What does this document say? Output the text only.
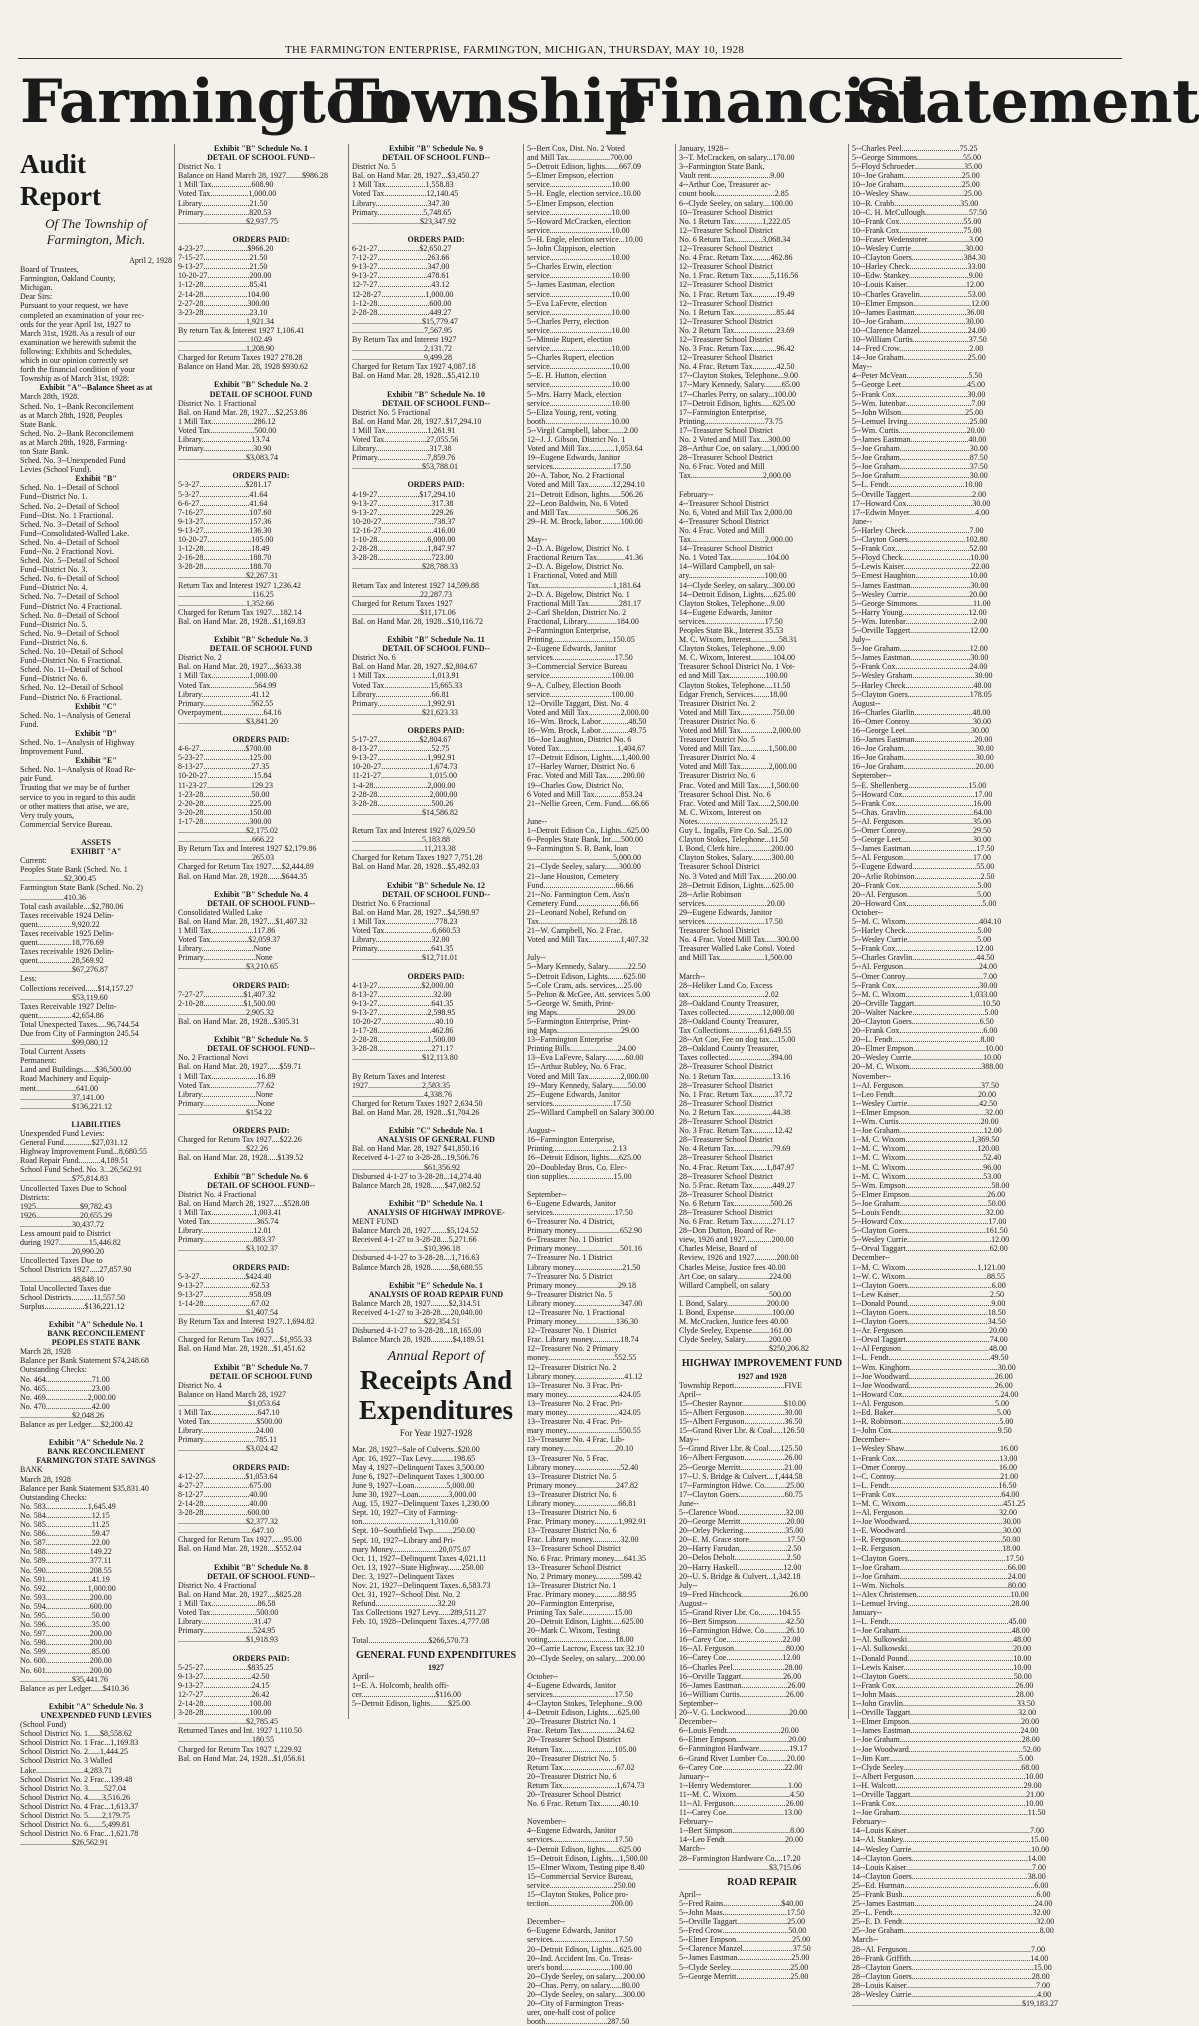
THE FARMINGTON ENTERPRISE, FARMINGTON, MICHIGAN, THURSDAY, MAY 10, 1928
Farmington
Township
Financial
Statement
Audit Report
Of The Township of Farmington, Mich.
April 2, 1928
Board of Trustees,
Farmington, Oakland County,
Michigan.
Dear Sirs:
Pursuant to your request, we have
completed an examination of your rec-
ords for the year April 1st, 1927 to
March 31st, 1928. As a result of our
examination we herewith submit the
following: Exhibits and Schedules,
which in our opinion correctly set
forth the financial condition of your
Township as of March 31st, 1928:
Exhibit "A"--Balance Sheet as at
March 28th, 1928.
Sched. No. 1--Bank Reconcilement
as at March 28th, 1928, Peoples
State Bank.
Sched. No. 2--Bank Reconcilement
as at March 28th, 1928, Farming-
ton State Bank.
Sched. No. 3--Unexpended Fund
Levies (School Fund).
Exhibit "B"
Sched. No. 1--Detail of School
Fund--District No. 1.
Sched. No. 2--Detail of School
Fund--Dist. No. 1 Fractional.
Sched. No. 3--Detail of School
Fund--Consolidated-Walled Lake.
Sched. No. 4--Detail of School
Fund--No. 2 Fractional Novi.
Sched. No. 5--Detail of School
Fund--District No. 3.
Sched. No. 6--Detail of School
Fund--District No. 4.
Sched. No. 7--Detail of School
Fund--District No. 4 Fractional.
Sched. No. 8--Detail of School
Fund--District No. 5.
Sched. No. 9--Detail of School
Fund--District No. 6.
Sched. No. 10--Detail of School
Fund--District No. 6 Fractional.
Sched. No. 11--Detail of School
Fund--District No. 6.
Sched. No. 12--Detail of School
Fund--District No. 6 Fractional.
Exhibit "C"
Sched. No. 1--Analysis of General
Fund.
Exhibit "D"
Sched. No. 1--Analysis of Highway
Improvement Fund.
Exhibit "E"
Sched. No. 1--Analysis of Road Re-
pair Fund.
Trusting that we may be of further
service to you in regard to this audit
or other matters that arise, we are,
Very truly yours,
Commercial Service Bureau.

ASSETS
EXHIBIT "A"
Current:
Peoples State Bank (Sched. No. 1
......................$2,300.45
Farmington State Bank (Sched. No. 2)
......................410.36
Total cash available....$2,780.06
Taxes receivable 1924 Delin-
quent.................9,920.22
Taxes receivable 1925 Delin-
quent.................18,776.69
Taxes receivable 1926 Delin-
quent.................28,569.92
..........................$67,276.87
Less:
Collections received......$14,157.27
..........................$53,119.60
Taxes Receivable 1927 Delin-
quent.................42,654.86
Total Unexpected Taxes.....96,744.54
Due from City of Farmington 245.54
..........................$99,080.12
Total Current Assets
Permanent:
Land and Buildings......$36,500.00
Road Machinery and Equip-
ment....................641.00
..........................37,141.00
..........................$136,221.12

LIABILITIES
Unexpended Fund Levies:
General Fund..............$27,031.12
Highway Improvement Fund...8,680.55
Road Repair Fund...........4,189.51
School Fund Sched. No. 3...26,562.91
..........................$75,814.83
Uncollected Taxes Due to School
Districts:
1925......................$9,782.43
1926......................20,655.29
..........................30,437.72
Less amount paid to District
during 1927...............15,446.82
..........................20,990.20
Uncollected Taxes Due to
School Districts 1927.....27,857.90
..........................48,848.10
Total Uncollected Taxes due
School Districts...........11,557.50
Surplus....................$136,221.12

Exhibit "A" Schedule No. 1
BANK RECONCILEMENT
PEOPLES STATE BANK
March 28, 1928
Balance per Bank Statement $74,248.68
Outstanding Checks:
No. 464.......................71.00
No. 465.......................23.00
No. 469.....................2,000.00
No. 470.......................42.00
..........................$2,048.26
Balance as per Ledger.....$2,200.42

Exhibit "A" Schedule No. 2
BANK RECONCILEMENT
FARMINGTON STATE SAVINGS
BANK
March 28, 1928
Balance per Bank Statement $35,831.40
Outstanding Checks:
No. 583.....................1,645.49
No. 584.......................12.15
No. 585.......................11.25
No. 586.......................59.47
No. 587.......................22.00
No. 588......................149.22
No. 589......................377.11
No. 590......................208.55
No. 591.......................41.19
No. 592.....................1,000.00
No. 593......................200.00
No. 594......................600.00
No. 595.......................50.00
No. 596.......................35.00
No. 597......................200.00
No. 598......................200.00
No. 599.......................85.00
No. 600......................200.00
No. 601......................200.00
..........................$35,441.76
Balance as per Ledger......$410.36

Exhibit "A" Schedule No. 3
UNEXPENDED FUND LEVIES
(School Fund)
School District No. 1......$8,558.62
School District No. 1 Frac...1,169.83
School District No. 2......1,444.25
School District No. 3 Walled
Lake........................4,283.71
School District No. 2 Frac...139.48
School District No. 3........527.04
School District No. 4.......3,516.26
School District No. 4 Frac...1,613.37
School District No. 5.......2,179.75
School District No. 6.......5,499.81
School District No. 6 Frac...1,621.78
..........................$26,562.91
Exhibit "B" Schedule No. 1
DETAIL OF SCHOOL FUND--
District No. 1
Balance on Hand March 28, 1927........$986.28
1 Mill Tax....................608.90
Voted Tax...................1,000.00
Library........................21.50
Primary.......................820.53
..................................$2,937.75

ORDERS PAID:
4-23-27......................$966.20
7-15-27.......................21.50
9-13-27.......................21.50
10-20-27.....................200.00
1-12-28.......................85.41
2-14-28......................104.00
2-27-28......................300.00
3-23-28.......................23.10
..................................1,921.34
By return Tax & Interest 1927 1,106.41
....................................102.49
..................................1,208.90
Charged for Return Taxes 1927 278.28
Balance on Hand Mar. 28, 1928 $930.62

Exhibit "B" Schedule No. 2
DETAIL OF SCHOOL FUND
District No. 1 Fractional
Bal. on Hand Mar. 28, 1927....$2,253.86
1 Mill Tax.....................286.12
Voted Tax......................500.00
Library.........................13.74
Primary.........................30.90
..................................$3,083.74

ORDERS PAID:
5-3-27.......................$281.17
5-3-27.........................41.64
6-6-27.........................41.64
7-16-27.......................107.60
9-13-27.......................157.36
9-13-27.......................136.30
10-20-27......................105.00
1-12-28........................18.49
2-16-28.......................188.70
3-28-28.......................188.70
..................................$2,267.31
Return Tax and Interest 1927 1,236.42
.....................................116.25
..................................1,352.66
Charged for Return Tax 1927....182.14
Bal. on Hand Mar. 28, 1928...$1,169.83

Exhibit "B" Schedule No. 3
DETAIL OF SCHOOL FUND
District No. 2
Bal. on Hand Mar. 28, 1927....$633.38
1 Mill Tax...................1,000.00
Voted Tax......................564.99
Library.........................41.12
Primary........................562.55
Overpayment.....................64.16
..................................$3,841.20

ORDERS PAID:
4-6-27.......................$700.00
5-23-27.......................125.00
8-13-27........................27.35
10-20-27.......................15.84
11-23-27......................129.23
1-23-28........................50.00
2-20-28.......................225.00
3-20-28.......................150.00
1-17-28.......................300.00
..................................$2,175.02
.....................................666.22
By Return Tax and Interest 1927 $2,179.86
.....................................265.03
Charged for Return Tax 1927.....$2,444.89
Bal. on Hand Mar. 28, 1928.......$644.35

Exhibit "B" Schedule No. 4
DETAIL OF SCHOOL FUND--
Consolidated Walled Lake
Bal. on Hand Mar. 28, 1927....$1,407.32
1 Mill Tax.....................117.86
Voted Tax...................$2,059.37
Library..........................None
Primary..........................None
..................................$3,210.65

ORDERS PAID:
7-27-27....................$1,407.32
2-10-28....................$1,500.00
..................................2,905.32
Bal. on Hand Mar. 28, 1928...$305.31

Exhibit "B" Schedule No. 5
DETAIL OF SCHOOL FUND--
No. 2 Fractional Novi
Bal. on Hand Mar. 28, 1927......$59.71
1 Mill Tax.......................16.89
Voted Tax.......................77.62
Library...........................None
Primary...........................None
..................................$154.22

ORDERS PAID:
Charged for Return Tax 1927....$22.26
..................................$22.26
Bal. on Hand Mar. 28, 1928.....$139.52

Exhibit "B" Schedule No. 6
DETAIL OF SCHOOL FUND--
District No. 4 Fractional
Bal. on Hand March 28, 1927.....$528.08
1 Mill Tax.....................1,003.41
Voted Tax.......................365.74
Library..........................12.01
Primary.........................883.37
..................................$3,102.37

ORDERS PAID:
5-3-27.......................$424.40
9-13-27........................62.53
9-13-27.......................958.09
1-14-28........................67.02
..................................$1,407.54
By Return Tax and Interest 1927..1,694.82
.....................................260.51
Charged for Return Tax 1927....$1,955.33
Bal. on Hand Mar. 28, 1928...$1,451.62

Exhibit "B" Schedule No. 7
DETAIL OF SCHOOL FUND
District No. 4
Balance on Hand March 28, 1927
...................................$1,053.64
1 Mill Tax.......................647.10
Voted Tax.......................$500.00
Library...........................24.00
Primary..........................785.11
..................................$3,024.42

ORDERS PAID:
4-12-27.....................$1,053.64
4-27-27.......................675.00
8-12-27.......................40.00
2-14-28.......................40.00
3-28-28......................600.00
..................................$2,377.32
.....................................647.10
Charged for Return Tax 1927......95.00
Bal. on Hand Mar. 28, 1928....$552.04

Exhibit "B" Schedule No. 8
DETAIL OF SCHOOL FUND--
District No. 4 Fractional
Bal. on Hand Mar. 28, 1927....$825.28
1 Mill Tax.......................86.58
Voted Tax.......................500.00
Library..........................31.47
Primary.........................524.95
..................................$1,918.93

ORDERS PAID:
5-25-27......................$835.25
9-13-27........................42.50
9-13-27........................24.15
12-7-27........................26.42
2-14-28.......................100.00
3-28-28.......................100.00
..................................$2,785.45
Returned Taxes and Int. 1927 1,110.50
.....................................180.55
Charged for Return Tax 1927 1,229.92
Bal. on Hand Mar. 24, 1928...$1,056.61
Exhibit "B" Schedule No. 9
DETAIL OF SCHOOL FUND--
District No. 5
Bal. on Hand Mar. 28, 1927...$3,450.27
1 Mill Tax....................1,558.83
Voted Tax.....................12,140.45
Library..........................347.30
Primary.......................5,748.65
..................................$23,347.92

ORDERS PAID:
6-21-27.....................$2,650.27
7-12-27.........................263.66
9-13-27.........................347.00
9-13-27.........................478.61
12-7-27...........................43.12
12-28-27......................1,000.00
1-12-28..........................600.00
2-28-28..........................449.27
...................................$15,779.47
....................................7,567.95
By Return Tax and Interest 1927
....................................2,131.72
....................................9,499.28
Charged for Return Tax 1927 4,087.18
Bal. on Hand Mar. 28, 1928...$5,412.10

Exhibit "B" Schedule No. 10
DETAIL OF SCHOOL FUND--
District No. 5 Fractional
Bal. on Hand Mar. 28, 1927..$17,294.10
1 Mill Tax.....................1,261.91
Voted Tax.....................27,055.56
Library...........................317.38
Primary.........................7,859.76
...................................$53,788.01

ORDERS PAID:
4-19-27.....................$17,294.10
9-13-27...........................317.38
9-13-27...........................229.26
10-20-27..........................738.37
12-16-27..........................416.00
1-10-28.........................6,000.00
2-28-28.........................1,847.97
3-28-28...........................723.00
...................................$28,788.33

Return Tax and Interest 1927 14,599.88
..................................22,287.73
Charged for Return Taxes 1927
..................................$11,171.06
Bal. on Hand Mar. 28, 1928...$10,116.72

Exhibit "B" Schedule No. 11
DETAIL OF SCHOOL FUND--
District No. 6
Bal. on Hand Mar. 28, 1927..$2,804.67
1 Mill Tax.......................1,013.91
Voted Tax.......................15,665.33
Library............................66.81
Primary.........................1,992.91
...................................$21,623.33

ORDERS PAID:
5-17-27.....................$2,804.67
8-13-27...........................52.75
9-13-27.........................1,992.91
10-20-27........................1,674.73
11-21-27........................1,015.00
1-4-28...........................2,000.00
2-28-28..........................2,000.00
3-28-28...........................500.26
...................................$14,586.82

Return Tax and Interest 1927 6,029.50
...................................5,183.88
....................................11,213.38
Charged for Return Taxes 1927 7,751.28
Bal. on Hand Mar. 28, 1928...$5,492.03

Exhibit "B" Schedule No. 12
DETAIL OF SCHOOL FUND--
District No. 6 Fractional
Bal. on Hand Mar. 28, 1927...$4,598.97
1 Mill Tax.........................778.23
Voted Tax........................6,660.53
Library............................32.00
Primary...........................641.35
...................................$12,711.01

ORDERS PAID:
4-13-27......................$2,000.00
8-13-27............................32.00
9-13-27...........................641.35
9-13-27.........................2,598.95
10-20-27...........................40.10
1-17-28...........................462.86
2-28-28.........................1,500.00
3-28-28...........................271.17
...................................$12,113.80

By Return Taxes and Interest
1927...........................2,583.35
....................................4,338.76
Charged for Return Taxes 1927 2,634.50
Bal. on Hand Mar. 28, 1928...$1,704.26

Exhibit "C" Schedule No. 1
ANALYSIS OF GENERAL FUND
Bal. on Hand Mar. 28, 1927 $41,850.16
Received 4-1-27 to 3-28-28...19,506.76
....................................$61,356.92
Disbursed 4-1-27 to 3-28-28...14,274.40
Balance March 28, 1928.......$47,082.52

Exhibit "D" Schedule No. 1
ANALYSIS OF HIGHWAY IMPROVE-
MENT FUND
Balance March 28, 1927........$5,124.52
Received 4-1-27 to 3-28-28....5,271.66
....................................$10,396.18
Disbursed 4-1-27 to 3-28-28....1,716.63
Balance March 28, 1928..........$8,680.55

Exhibit "E" Schedule No. 1
ANALYSIS OF ROAD REPAIR FUND
Balance March 28, 1927.........$2,314.51
Received 4-1-27 to 3-28-28.....20,040.00
....................................$22,354.51
Disbursed 4-1-27 to 3-28-28...18,165.00
Balance March 28, 1928...........$4,189.51
Annual Report of
Receipts And Expenditures
For Year 1927-1928
Mar. 28, 1927--Sale of Culverts..$20.00
Apr. 16, 1927--Tax Levy...........198.65
May 4, 1927--Delinquent Taxes 3,500.00
June 6, 1927--Delinquent Taxes 1,300.00
June 9, 1927--Loan................5,000.00
June 30, 1927--Loan...............3,000.00
Aug. 15, 1927--Delinquent Taxes 1,230.00
Sept. 10, 1927--City of Farming-
ton..................................1,310.00
Sept. 10--Southfield Twp..........250.00
Sept. 10, 1927--Library and Pri-
mary Money.......................20,075.07
Oct. 11, 1927--Delinquent Taxes 4,021.11
Oct. 13, 1927--State Highway.......250.00
Dec. 3, 1927--Delinquent Taxes
Nov. 21, 1927--Delinquent Taxes..6,583.73
Oct. 31, 1927--School Dist. No. 2
Refund...............................32.20
Tax Collections 1927 Levy......289,511.27
Feb. 10, 1928--Delinquent Taxes..4,777.08

Total..............................$266,570.73
GENERAL FUND EXPENDITURES
1927
April--
1--E. A. Holcomb, health offi-
cer.....................................$116.00
5--Detroit Edison, lights.........$25.00
5--Bert Cox, Dist. No. 2 Voted
and Mill Tax.....................700.00
5--Detroit Edison, lights.......667.09
5--Elmer Empson, election
service...............................10.00
5--H. Engle, election service..10.00
5--Elmer Empson, election
service...............................10.00
5--Howard McCracken, election
service...............................10.00
5--H. Engle, election service...10.00
5--John Clappison, election
service...............................10.00
5--Charles Erwin, election
service...............................10.00
5--James Eastman, election
service...............................10.00
5--Eva LaFevre, election
service...............................10.00
5--Charles Perry, election
service...............................10.00
5--Minnie Rupert, election
service...............................10.00
5--Charles Rupert, election
service...............................10.00
5--E. H. Hutton, election
service...............................10.00
5--Mrs. Harry Mack, election
service...............................10.00
5--Eliza Young, rent, voting
booth.................................10.00
5--Virgil Campbell, labor........2.00
12--J. J. Gibson, District No. 1
Voted and Mill Tax.............1,053.64
19--Eugene Edwards, Janitor
services..............................17.50
20--A. Tabor, No. 2 Fractional
Voted and Mill Tax............12,294.10
21--Detroit Edison, lights......506.26
22--Leon Baldwin, No. 6 Voted
and Mill Tax........................506.26
29--H. M. Brock, labor..........100.00

May--
2--D. A. Bigelow, District No. 1
Fractional Return Tax..............41.36
2--D. A. Bigelow, District No.
1 Fractional, Voted and Mill
Tax.....................................1,181.64
2--D. A. Bigelow, District No. 1
Fractional Mill Tax...............281.17
2--Carl Sheldon, District No. 2
Fractional, Library...............184.00
2--Farmington Enterprise,
Printing..............................150.05
2--Eugene Edwards, Janitor
services...............................17.50
3--Commercial Service Bureau
service...............................100.00
9--A. Culbey, Election Booth
service...............................100.00
12--Orville Taggart, Dist. No. 4
Voted and Mill Tax................2,000.00
16--Wm. Brock, Labor..............48.50
16--Wm. Brock, Labor..............49.75
16--Joe Laughton, District No. 6
Voted Tax.............................1,404.67
17--Detroit Edison, Lights.....1,400.00
17--Harley Warner, District No. 6
Frac. Voted and Mill Tax........200.00
19--Charles Gow, District No.
6 Voted and Mill Tax.............853.24
21--Nellie Green, Cem. Fund.....66.66

June--
1--Detroit Edison Co., Lights...625.00
6--Peoples State Bank, Int.....500.00
9--Farmington S. B. Bank, loan
...........................................5,000.00
21--Clyde Seeley, salary.......300.00
21--Jane Houston, Cemetery
Fund....................................66.66
21--No. Farmington Cem. Ass'n
Cemetery Fund......................66.66
21--Leonard Nobel, Refund on
Tax........................................28.18
21--W. Campbell, No. 2 Frac.
Voted and Mill Tax................1,407.32

July--
5--Mary Kennedy, Salary..........22.50
5--Detroit Edison, Lights........625.00
5--Cole Cram, ads. services....25.00
5--Pelton & McGee, Att. services 5.00
5--George W. Smith, Print-
ing Maps..............................29.00
5--Farmington Enterprise, Print-
ing Maps................................29.00
13--Farmington Enterprise
Printing Bills........................24.00
13--Eva LaFevre, Salary..........60.00
15--Arthur Rubley, No. 6 Frac.
Voted and Mill Tax................2,000.00
19--Mary Kennedy, Salary........50.00
25--Eugene Edwards, Janitor
services..............................17.50
25--Willard Campbell on Salary 300.00

August--
16--Farmington Enterprise,
Printing..............................2.13
16--Detroit Edison, lights.....625.00
20--Doubleday Bros. Co. Elec-
tion supplies.......................15.00

September--
6--Eugene Edwards, Janitor
services...............................17.50
6--Treasurer No. 4 District,
Primary money......................652.90
6--Treasurer No. 1 District
Primary money......................501.16
7--Treasurer No. 1 District
Library money........................21.50
7--Treasurer No. 5 District
Primary money.....................29.18
9--Treasurer District No. 5
Library money.......................347.00
12--Treasurer No. 1 Fractional
Primary money....................136.30
12--Treasurer No. 1 District
Frac. Library money..............18.74
12--Treasurer No. 2 Primary
money.................................552.55
12--Treasurer District No. 2
Library money.........................41.12
13--Treasurer No. 3 Frac. Pri-
mary money..........................424.05
13--Treasurer No. 2 Frac. Pri-
mary money..........................424.05
13--Treasurer No. 4 Frac. Pri-
mary money..........................550.55
13--Treasurer No. 4 Frac. Lib-
rary money..........................20.10
13--Treasurer No. 5 Frac.
Library money.......................52.40
13--Treasurer District No. 5
Primary money....................247.82
13--Treasurer District No. 6
Library money......................66.81
13--Treasurer District No. 6
Frac. Primary money............1,992.91
13--Treasurer District No. 6
Frac. Library money..............32.00
13--Treasurer School District
No. 6 Frac. Primary money.....641.35
13--Treasurer School District
No. 2 Primary money............599.42
13--Treasurer District No. 1
Frac. Primary money............88.95
20--Farmington Enterprise,
Printing Tax Sale................15.00
20--Detroit Edison, Lights.....625.00
20--Mark C. Wixom, Testing
voting..................................18.00
20--Carrie Lacrow, Excess tax 32.10
20--Clyde Seeley, on salary....200.00

October--
4--Eugene Edwards, Janitor
services...............................17.50
4--Clayton Stokes, Telephone...9.00
4--Detroit Edison, Lights.....625.00
20--Treasurer District No. 1
Frac. Return Tax..................24.62
20--Treasurer School District
Return Tax..........................105.00
20--Treasurer District No. 5
Return Tax...........................67.02
20--Treasurer District No. 6
Return Tax...........................1,674.73
20--Treasurer School District
No. 6 Frac. Return Tax..........40.10

November--
4--Eugene Edwards, Janitor
services...............................17.50
4--Detroit Edison, lights.......625.00
15--Detroit Edison, Lights....1,500.00
15--Elmer Wixom, Testing pipe 8.40
15--Commercial Service Bureau,
service................................250.00
15--Clayton Stokes, Police pro-
tection...............................200.00

December--
6--Eugene Edwards, Janitor
services...............................17.50
20--Detroit Edison, Lights....625.00
20--Ind. Accident Ins. Co. Treas-
urer's bond........................100.00
20--Clyde Seeley, on salary....200.00
20--Chas. Perry, on salary......80.00
20--Clyde Seeley, on salary....300.00
20--City of Farmington Treas-
urer, one-half cost of police
booth...............................287.50
January, 1928--
3--T. McCracken, on salary...170.00
3--Farmington State Bank,
Vault rent..............................9.00
4--Arthur Coe, Treasurer ac-
count book..............................2.85
6--Clyde Seeley, on salary....100.00
10--Treasurer School District
No. 1 Return Tax..............1,222.05
12--Treasurer School District
No. 6 Return Tax..............3,068.34
12--Treasurer School District
No. 4 Frac. Return Tax.........462.86
12--Treasurer School District
No. 1 Frac. Return Tax.........5,116.56
12--Treasurer School District
No. 1 Frac. Return Tax............19.49
12--Treasurer School District
No. 1 Return Tax.....................85.44
12--Treasurer School District
No. 2 Return Tax.....................23.69
12--Treasurer School District
No. 3 Frac. Return Tax............96.42
12--Treasurer School District
No. 4 Frac. Return Tax............42.50
17--Clayton Stokes, Telephone...9.00
17--Mary Kennedy, Salary.........65.00
17--Charles Perry, on salary...100.00
17--Detroit Edison, lights......625.00
17--Farmington Enterprise,
Printing..............................73.75
17--Treasurer School District
No. 2 Voted and Mill Tax....300.00
28--Arthur Coe, on salary.....1,000.00
28--Treasurer School District
No. 6 Frac. Voted and Mill
Tax....................................2,000.00

February--
4--Treasurer School District
No. 6, Voted and Mill Tax 2,000.00
4--Treasurer School District
No. 4 Frac. Voted and Mill
Tax.....................................2,000.00
14--Treasurer School District
No. 1 Voted Tax..................104.00
14--Willard Campbell, on sal-
ary......................................100.00
14--Clyde Seeley, on salary...300.00
14--Detroit Edison, Lights.....625.00
Clayton Stokes, Telephone...9.00
14--Eugene Edwards, Janitor
services..............................17.50
Peoples State Bk., Interest 35.53
M. C. Wixom, Interest..............58.31
Clayton Stokes, Telephone...9.00
M. C. Wixom, Interest...........104.00
Treasurer School District No. 1 Vot-
ed and Mill Tax..................100.00
Clayton Stokes, Telephone....11.50
Edgar French, Services........18.00
Treasurer District No. 2
Voted and Mill Tax................750.00
Treasurer District No. 6
Voted and Mill Tax................2,000.00
Treasurer District No. 5
Voted and Mill Tax..............1,500.00
Treasurer District No. 4
Voted and Mill Tax..............2,000.00
Treasurer District No. 6
Frac. Voted and Mill Tax......1,500.00
Treasurer School Dist. No. 6
Frac. Voted and Mill Tax......2,500.00
M. C. Wixom, Interest on
Notes....................................25.12
Guy L. Ingalls, Fire Co. Sal...25.00
Clayton Stokes, Telephone...11.50
I. Bond, Clerk hire................200.00
Clayton Stokes, Salary..........300.00
Treasurer School District
No. 3 Voted and Mill Tax.......200.00
28--Detroit Edison, Lights....625.00
28--Arlie Robinson
services...............................20.00
29--Eugene Edwards, Janitor
services..............................17.50
Treasurer School District
No. 4 Frac. Voted Mill Tax......300.00
Treasurer Walled Lake Consl. Voted
and Mill Tax......................1,500.00

March--
28--Heliker Land Co. Excess
tax......................................2.02
28--Oakland County Treasurer,
Taxes collected.................12,000.00
28--Oakland County Treasurer,
Tax Collections...............61,649.55
28--Art Coe, Fee on dog tax....15.00
28--Oakland County Treasurer,
Taxes collected.....................394.00
28--Treasurer School District
No. 1 Return Tax...................13.16
28--Treasurer School District
No. 1 Frac. Return Tax...........37.72
28--Treasurer School District
No. 2 Return Tax...................44.38
28--Treasurer School District
No. 3 Frac. Return Tax...........12.42
28--Treasurer School District
No. 4 Return Tax...................79.69
28--Treasurer School District
No. 4 Frac. Return Tax.......1,847.97
28--Treasurer School District
No. 5 Frac. Return Tax..........449.27
28--Treasurer School District
No. 6 Return Tax..................500.26
28--Treasurer School District
No. 6 Frac. Return Tax..........271.17
28--Don Dutton, Board of Re-
view, 1926 and 1927.............200.00
Charles Meise, Board of
Review, 1926 and 1927...........200.00
Charles Meise, Justice fees 40.00
Art Coe, on salary................224.00
Willard Campbell, on salary
.............................................500.00
I. Bond, Salary....................200.00
I. Bond, Expense...................100.00
M. McCracken, Justice fees 40.00
Clyde Seeley, Expense.........161.00
Clyde Seeley, Salary............200.00
.............................................$250,206.82
HIGHWAY IMPROVEMENT FUND
1927 and 1928
Township Report.........................FIVE
April--
15--Chester Raynor.....................$10.00
15--Albert Ferguson....................30.00
15--Albert Ferguson....................36.50
15--Grand River Lbr. & Coal.....126.50
May--
5--Grand River Lbr. & Coal......125.50
16--Albert Ferguson....................26.00
25--George Merritt......................21.00
17--U. S. Bridge & Culvert....1,444.58
17--Farmington Hdwe. Co...........25.00
17--Clayton Goers.......................60.75
June--
5--Clarence Wood........................32.00
20--George Merritt.......................20.00
20--Orley Pickering.....................35.00
20--E. M. Grace store...................17.50
20--Harry Farudan........................2.50
20--Delos Debolt..........................2.50
20--Harry Haskell.......................12.00
20--U. S. Bridge & Culvert...1,342.18
July--
19--Fred Hitchcock........................26.00
August--
15--Grand River Lbr. Co..........104.55
16--Bert Simpson.........................42.50
16--Farmington Hdwe. Co...........26.10
16--Carey Coe............................22.00
16--Al. Ferguson..........................80.00
16--Carey Coe............................12.00
16--Charles Peel..........................28.00
16--Orville Taggart.....................26.00
16--James Eastman.......................26.00
16--William Curtis.......................26.00
September--
20--V. G. Lockwood......................20.00
December--
6--Louis Fendt...........................20.00
6--Elmer Empson..........................20.00
6--Farmington Hardware...............19.17
6--Grand River Lumber Co..........20.00
6--Carey Coe...............................22.00
January--
1--Henry Wedenstorer...................1.00
11--M. C. Wixom...........................4.50
11--Al. Ferguson..........................26.00
11--Carey Coe.............................13.00
February--
1--Bert Simpson.............................8.00
14--Leo Fendt..............................20.00
March--
28--Farmington Hardware Co....17.20
.............................................$3,715.06
ROAD REPAIR
April--
5--Fred Rains.............................$40.00
5--John Maas................................17.50
5--Orville Taggart.........................25.00
5--Fred Crow.................................50.00
5--Elmer Empson............................25.00
5--Clarence Manzel.........................37.50
5--James Eastman...........................25.00
5--Clyde Seeley..............................25.00
5--George Merritt...........................25.00
5--Charles Peel.............................75.25
5--George Simmons.......................55.00
5--Floyd Schroeder.........................35.00
10--Joe Graham.............................25.00
10--Joe Graham.............................25.00
10--Wesley Shaw............................25.00
10--R. Crabb.................................35.00
10--C. H. McCullough......................57.50
10--Frank Cox................................55.00
10--Frank Cox................................75.00
10--Fraser Wedenstorer.....................3.00
10--Wesley Currie...........................30.00
10--Clayton Goers..........................384.30
10--Harley Check.............................33.00
10--Edw. Stankey..............................9.00
10--Louis Kaiser..............................12.00
10--Charles Gravelin........................53.00
10--Elmer Empson.............................12.00
10--James Eastman..........................36.00
10--Joe Graham...............................30.00
10--Clarence Manzel........................24.00
10--William Curtis............................37.50
14--Fred Crow...................................2.00
14--Joe Graham................................25.00
May--
4--Peter McVean...............................5.50
5--George Leet.................................45.00
5--Frank Cox....................................30.00
5--Wm. Iutenbar.................................7.00
5--John Wilson................................25.00
5--Lemuel Irving...............................25.00
5--Wm. Curtis..................................20.00
5--James Eastman.............................40.00
5--Joe Graham...................................30.00
5--Joe Graham...................................87.50
5--Joe Graham...................................37.50
5--Joe Graham...................................30.00
5--L. Fendt......................................10.00
5--Orville Taggert...............................2.00
17--Howard Cox.................................30.00
17--Edwin Moyer.................................4.00
June--
5--Harley Check................................7.00
5--Clayton Goers.............................102.80
5--Frank Cox.....................................52.00
5--Floyd Check..................................10.00
5--Lewis Kaiser..................................22.00
5--Ernest Haughton...........................10.00
5--James Eastman..............................30.00
5--Wesley Currie...............................20.00
5--George Simmons............................11.00
5--Harry Young.................................12.00
5--Wm. Iutenbar..................................2.00
5--Orville Taggert..............................12.00
July--
5--Joe Graham...................................12.00
5--James Eastman..............................30.00
5--Frank Cox.....................................24.00
5--Wesley Graham...............................30.00
5--Harley Check..................................48.00
5--Clayton Goers...............................178.05
August--
16--Charles Giarlin.............................48.00
16--Omer Conroy................................30.00
16--George Leet.................................30.00
16--James Eastman..............................20.00
16--Joe Graham....................................30.00
16--Joe Graham....................................30.00
16--Joe Graham....................................20.00
September--
5--E. Shellenberg..............................15.00
5--Howard Cox....................................17.00
5--Frank Cox.......................................16.00
5--Chas. Gravlin..................................64.00
5--Al. Ferguson...................................35.00
5--Omer Conroy..................................29.50
5--George Leet....................................30.00
5--James Eastman.................................17.50
5--Al. Ferguson...................................17.00
5--Eugene Edward................................55.00
20--Arlie Robinson.................................2.50
20--Frank Cox.......................................5.00
20--Al. Ferguson...................................5.00
20--Howard Cox......................................5.00
October--
5--M. C. Wixom.....................................404.10
5--Harley Check....................................5.00
5--Wesley Currie...................................5.00
5--Frank Cox........................................12.00
5--Charles Gravlin................................44.50
5--Al. Ferguson......................................24.00
5--Omer Conroy.......................................7.00
5--Frank Cox..........................................30.00
5--M. C. Wixom................................1,033.00
20--Orville Taggart..................................10.50
20--Walter Nackee....................................5.00
20--Clayton Goers..................................6.50
20--Frank Cox..........................................6.00
20--L. Fendt............................................8.00
20--Elmer Empson....................................10.00
20--Wesley Currie....................................10.00
20--M. C. Wixom....................................388.00
November--
1--Al. Ferguson.......................................37.50
1--Leo Fendt..........................................20.00
1--Wesley Currie....................................42.50
1--Elmer Empson......................................32.00
1--Wm. Curtis.........................................20.00
1--Joe Graham..........................................12.00
1--M. C. Wixom.................................1,369.50
1--M. C. Wixom....................................120.00
1--M. C. Wixom.......................................52.40
1--M. C. Wixom.......................................96.00
1--M. C. Wixom.......................................53.00
5--Wm. Empson...........................................58.00
5--Elmer Empson.......................................26.00
5--Joe Graham............................................50.00
5--Louis Fendt...........................................32.00
5--Howard Cox...........................................17.00
5--Clayton Goers.......................................161.50
5--Wesley Currie..........................................12.00
5--Orval Taggart..........................................62.00
December--
1--M. C. Wixom....................................1,121.00
1--W. C. Wixom.........................................88.55
1--Clayton Goers..........................................6.00
1--Lew Kaiser..............................................2.50
1--Donald Pound..........................................9.00
1--Clayton Goers........................................18.50
1--Clayton Goers........................................34.50
1--Ar. Ferguson...........................................20.00
1--Orval Taggart..........................................74.00
1--Al Ferguson............................................48.00
1--L. Fendt...................................................49.50
1--Wm. Kinghorn............................................30.00
1--Joe Woodward...........................................26.00
1--Joe Woodward...........................................26.00
1--Howard Cox.................................................24.00
1--Al. Ferguson..............................................5.00
1--Ed. Baker....................................................5.00
1--R. Robinson.................................................5.00
1--John Cox.....................................................9.50
December--
1--Wesley Shaw................................................16.00
1--Frank Cox....................................................13.00
1--Omer Conroy...............................................16.00
1--C. Conroy.....................................................21.00
1--L. Fendt.......................................................16.50
1--Frank Cox.....................................................64.00
1--M. C. Wixom.................................................451.25
1--Al. Ferguson................................................32.00
1--Joe Woodward...............................................30.00
1--E. Woodward.................................................30.00
1--R. Ferguson...................................................50.00
1--R. Ferguson...................................................18.00
1--Clayton Goers.................................................17.50
1--Joe Graham......................................................66.00
1--Joe Graham......................................................24.00
1--Wm. Nichols....................................................80.00
1--Alex Christensen...............................................10.00
1--Lemuel Irving....................................................28.00
January--
1--L. Fendt............................................................45.00
1--Joe Graham........................................................48.00
1--Al. Sulkowski.....................................................48.00
1--Al. Sulkowski.....................................................20.00
1--Donald Pound.....................................................10.00
1--Lewis Kaiser.......................................................10.00
1--Clayton Goers.....................................................50.00
1--Frank Cox............................................................26.00
1--John Maas............................................................28.00
1--John Gravlin.........................................................33.50
1--Orville Taggart......................................................32.00
1--Elmer Empson........................................................20.00
1--James Eastman.......................................................24.00
1--Joe Graham.............................................................28.00
1--Joe Woodward.........................................................52.00
1--Jim Karr.................................................................5.00
1--Clyde Seeley...........................................................68.00
1--Albert Ferguson........................................................10.00
1--H. Walcott................................................................29.00
1--Orville Taggart..........................................................21.00
1--Frank Cox.................................................................10.00
1--Joe Graham................................................................11.50
February--
14--Louis Kaiser..............................................................7.00
14--Al. Stankey................................................................15.00
14--Wesley Currie............................................................10.00
14--Clayton Goers..........................................................14.00
14--Louis Kaiser...............................................................7.00
14--Clayton Goers..........................................................38.00
25--Ed. Hurman.................................................................6.00
25--Frank Bush...................................................................6.00
25--James Eastman............................................................24.00
25--L. Fendt......................................................................32.00
25--E. D. Fendt...................................................................32.00
25--Joe Graham....................................................................8.00
March--
28--Al. Ferguson..............................................................7.00
28--Frank Griffith............................................................14.00
28--Clayton Goers.............................................................15.00
28--Clayton Goers............................................................28.00
28--Louis Kaiser.................................................................7.00
28--Wesley Currie...............................................................4.00
.....................................................................................$19,183.27
